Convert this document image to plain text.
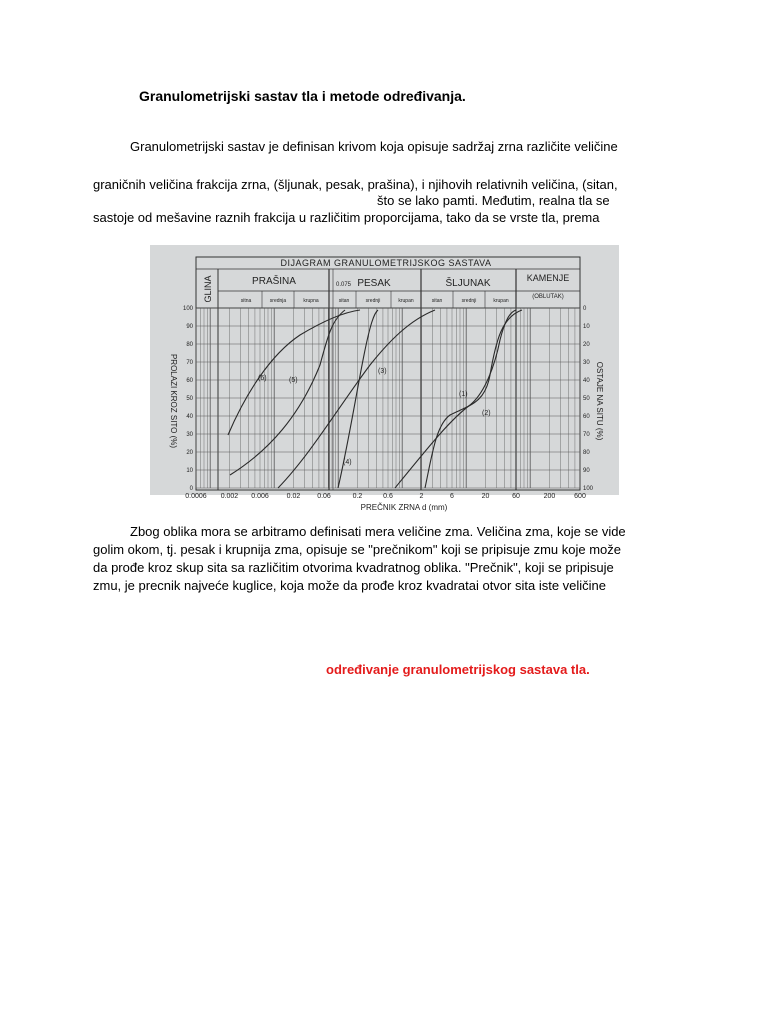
Granulometrijski sastav tla i metode određivanja.
Granulometrijski sastav je definisan krivom koja opisuje sadržaj zrna različite veličine
graničnih veličina frakcija zrna, (šljunak, pesak, prašina), i njihovih relativnih veličina, (sitan,
što se lako pamti. Međutim, realna tla se
sastoje od mešavine raznih frakcija u različitim proporcijama, tako da se vrste tla, prema
DIJAGRAM GRANULOMETRIJSKOG SASTAVA
GLINA	PRAŠINA	0.075 PESAK	ŠLJUNAK	KAMENJE
(OBLUTAK)
sitna	srednja	krupna	sitan	srednji	krupan	sitan	srednji	krupan
100
90
80
70
60
50
40
30
20
10
0
0
10
20
30
40
50
60
70
80
90
100
0.0006 0.002 0.006	0.02 0.06	0.2	0.6	2	6	20	60	200	600
PROLAZI KROZ SITO (%)	OSTAJE NA SITU (%)
PREČNIK ZRNA d (mm)
(6)	(5)
(3)
(4)
(1)
(2)
Zbog oblika mora se arbitramo definisati mera veličine zma. Veličina zma, koje se vide
golim okom, tj. pesak i krupnija zma, opisuje se "prečnikom" koji se pripisuje zmu koje može
da prođe kroz skup sita sa različitim otvorima kvadratnog oblika. "Prečnik", koji se pripisuje
zmu, je precnik najveće kuglice, koja može da prođe kroz kvadratai otvor sita iste veličine
određivanje granulometrijskog sastava tla.
